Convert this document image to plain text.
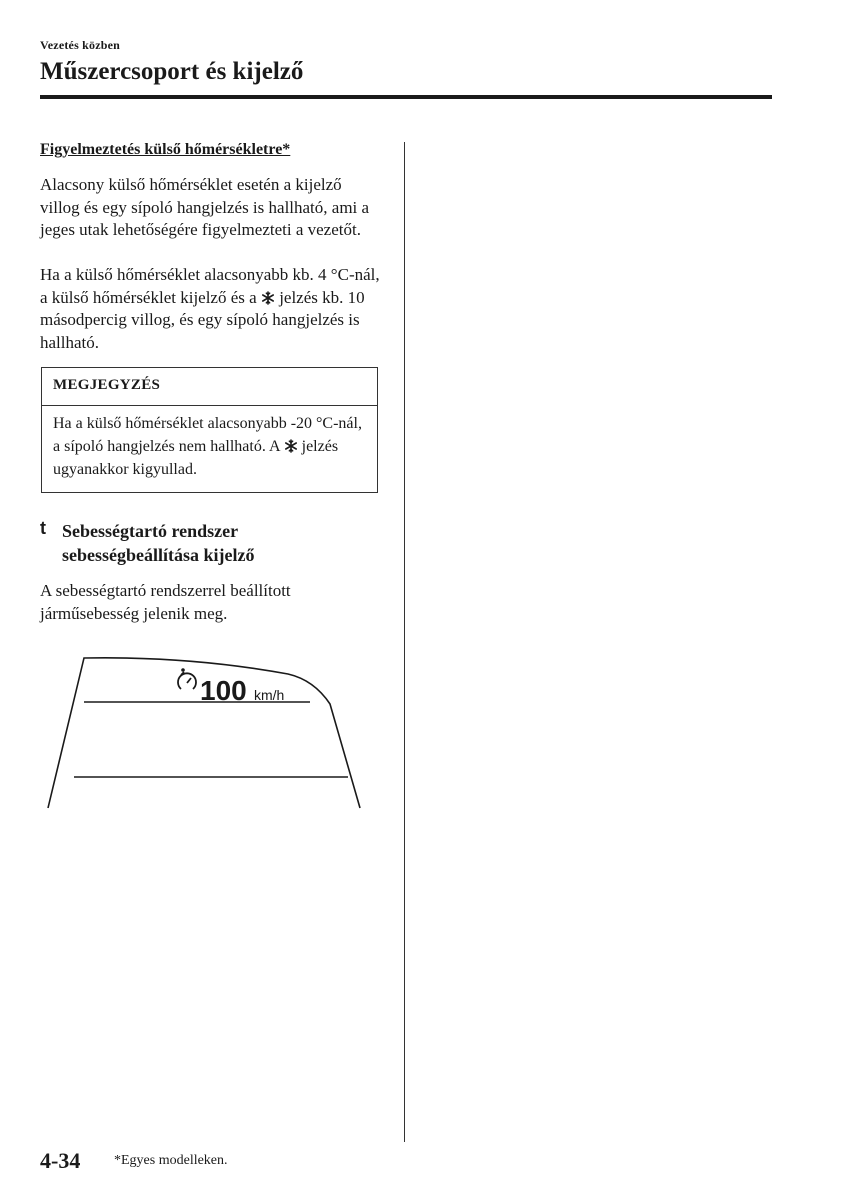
Vezetés közben
Műszercsoport és kijelző
Figyelmeztetés külső hőmérsékletre*

Alacsony külső hőmérséklet esetén a kijelző villog és egy sípoló hangjelzés is hallható, ami a jeges utak lehetőségére figyelmezteti a vezetőt.

Ha a külső hőmérséklet alacsonyabb kb. 4 °C-nál, a külső hőmérséklet kijelző és a jelzés kb. 10 másodpercig villog, és egy sípoló hangjelzés is hallható.

MEGJEGYZÉS

Ha a külső hőmérséklet alacsonyabb -20 °C-nál, a sípoló hangjelzés nem hallható. A jelzés ugyanakkor kigyullad.

t Sebességtartó rendszer sebességbeállítása kijelző

A sebességtartó rendszerrel beállított járműsebesség jelenik meg.

100 km/h
4-34 *Egyes modelleken.
